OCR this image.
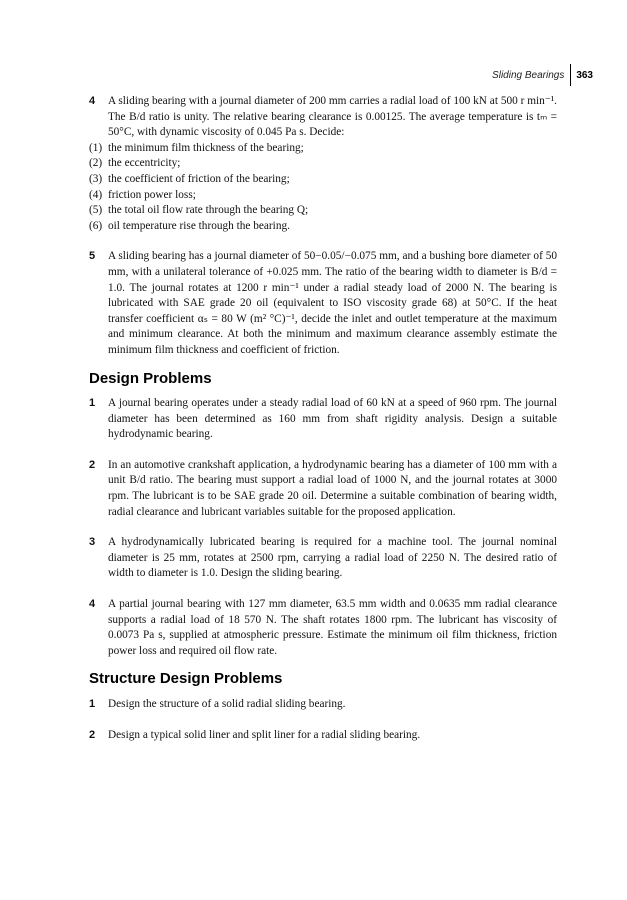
Sliding Bearings 363
4 A sliding bearing with a journal diameter of 200 mm carries a radial load of 100 kN at 500 r min⁻¹. The B/d ratio is unity. The relative bearing clearance is 0.00125. The average temperature is tₘ = 50°C, with dynamic viscosity of 0.045 Pa s. Decide:
(1) the minimum film thickness of the bearing;
(2) the eccentricity;
(3) the coefficient of friction of the bearing;
(4) friction power loss;
(5) the total oil flow rate through the bearing Q;
(6) oil temperature rise through the bearing.
5 A sliding bearing has a journal diameter of 50−0.05/−0.075 mm, and a bushing bore diameter of 50 mm, with a unilateral tolerance of +0.025 mm. The ratio of the bearing width to diameter is B/d = 1.0. The journal rotates at 1200 r min⁻¹ under a radial steady load of 2000 N. The bearing is lubricated with SAE grade 20 oil (equivalent to ISO viscosity grade 68) at 50°C. If the heat transfer coefficient αₛ = 80 W (m² °C)⁻¹, decide the inlet and outlet temperature at the maximum and minimum clearance. At both the minimum and maximum clearance assembly estimate the minimum film thickness and coefficient of friction.
Design Problems
1 A journal bearing operates under a steady radial load of 60 kN at a speed of 960 rpm. The journal diameter has been determined as 160 mm from shaft rigidity analysis. Design a suitable hydrodynamic bearing.
2 In an automotive crankshaft application, a hydrodynamic bearing has a diameter of 100 mm with a unit B/d ratio. The bearing must support a radial load of 1000 N, and the journal rotates at 3000 rpm. The lubricant is to be SAE grade 20 oil. Determine a suitable combination of bearing width, radial clearance and lubricant variables suitable for the proposed application.
3 A hydrodynamically lubricated bearing is required for a machine tool. The journal nominal diameter is 25 mm, rotates at 2500 rpm, carrying a radial load of 2250 N. The desired ratio of width to diameter is 1.0. Design the sliding bearing.
4 A partial journal bearing with 127 mm diameter, 63.5 mm width and 0.0635 mm radial clearance supports a radial load of 18 570 N. The shaft rotates 1800 rpm. The lubricant has viscosity of 0.0073 Pa s, supplied at atmospheric pressure. Estimate the minimum oil film thickness, friction power loss and required oil flow rate.
Structure Design Problems
1 Design the structure of a solid radial sliding bearing.
2 Design a typical solid liner and split liner for a radial sliding bearing.
